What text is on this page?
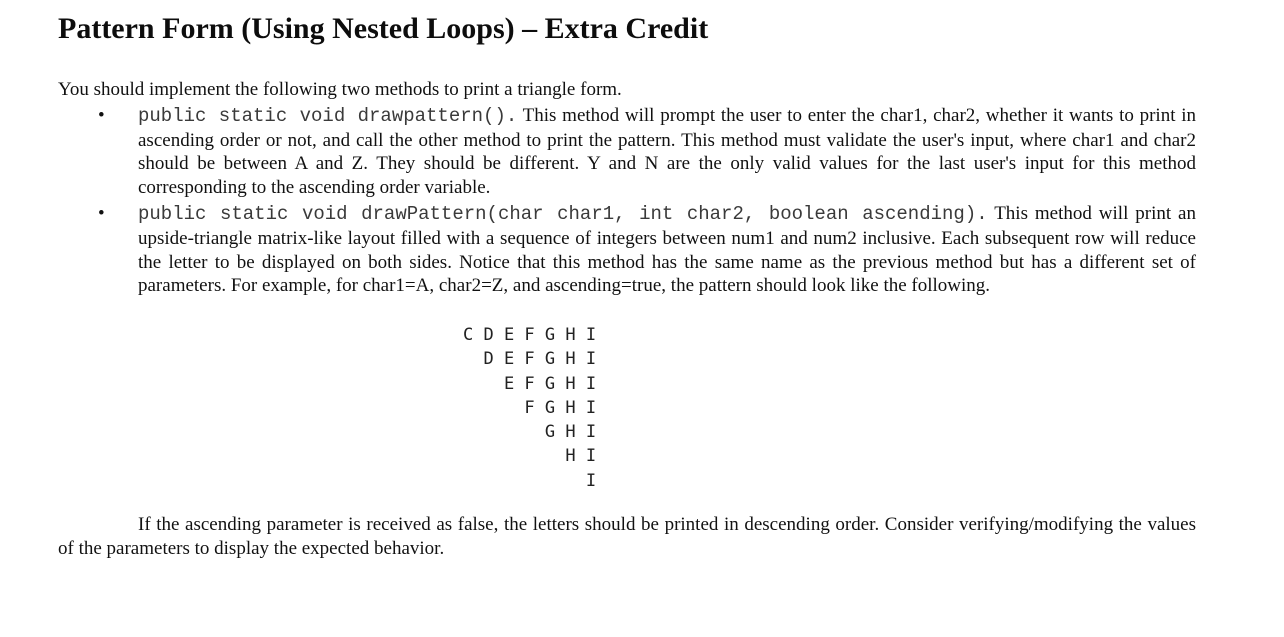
Pattern Form (Using Nested Loops) – Extra Credit

You should implement the following two methods to print a triangle form.

• public static void drawpattern(). This method will prompt the user to enter the char1, char2, whether it wants to print in ascending order or not, and call the other method to print the pattern. This method must validate the user's input, where char1 and char2 should be between A and Z. They should be different. Y and N are the only valid values for the last user's input for this method corresponding to the ascending order variable.
• public static void drawPattern(char char1, int char2, boolean ascending). This method will print an upside-triangle matrix-like layout filled with a sequence of integers between num1 and num2 inclusive. Each subsequent row will reduce the letter to be displayed on both sides. Notice that this method has the same name as the previous method but has a different set of parameters. For example, for char1=A, char2=Z, and ascending=true, the pattern should look like the following.
C D E F G H I
D E F G H I
E F G H I
F G H I
G H I
H I
I

If the ascending parameter is received as false, the letters should be printed in descending order. Consider verifying/modifying the values of the parameters to display the expected behavior.
